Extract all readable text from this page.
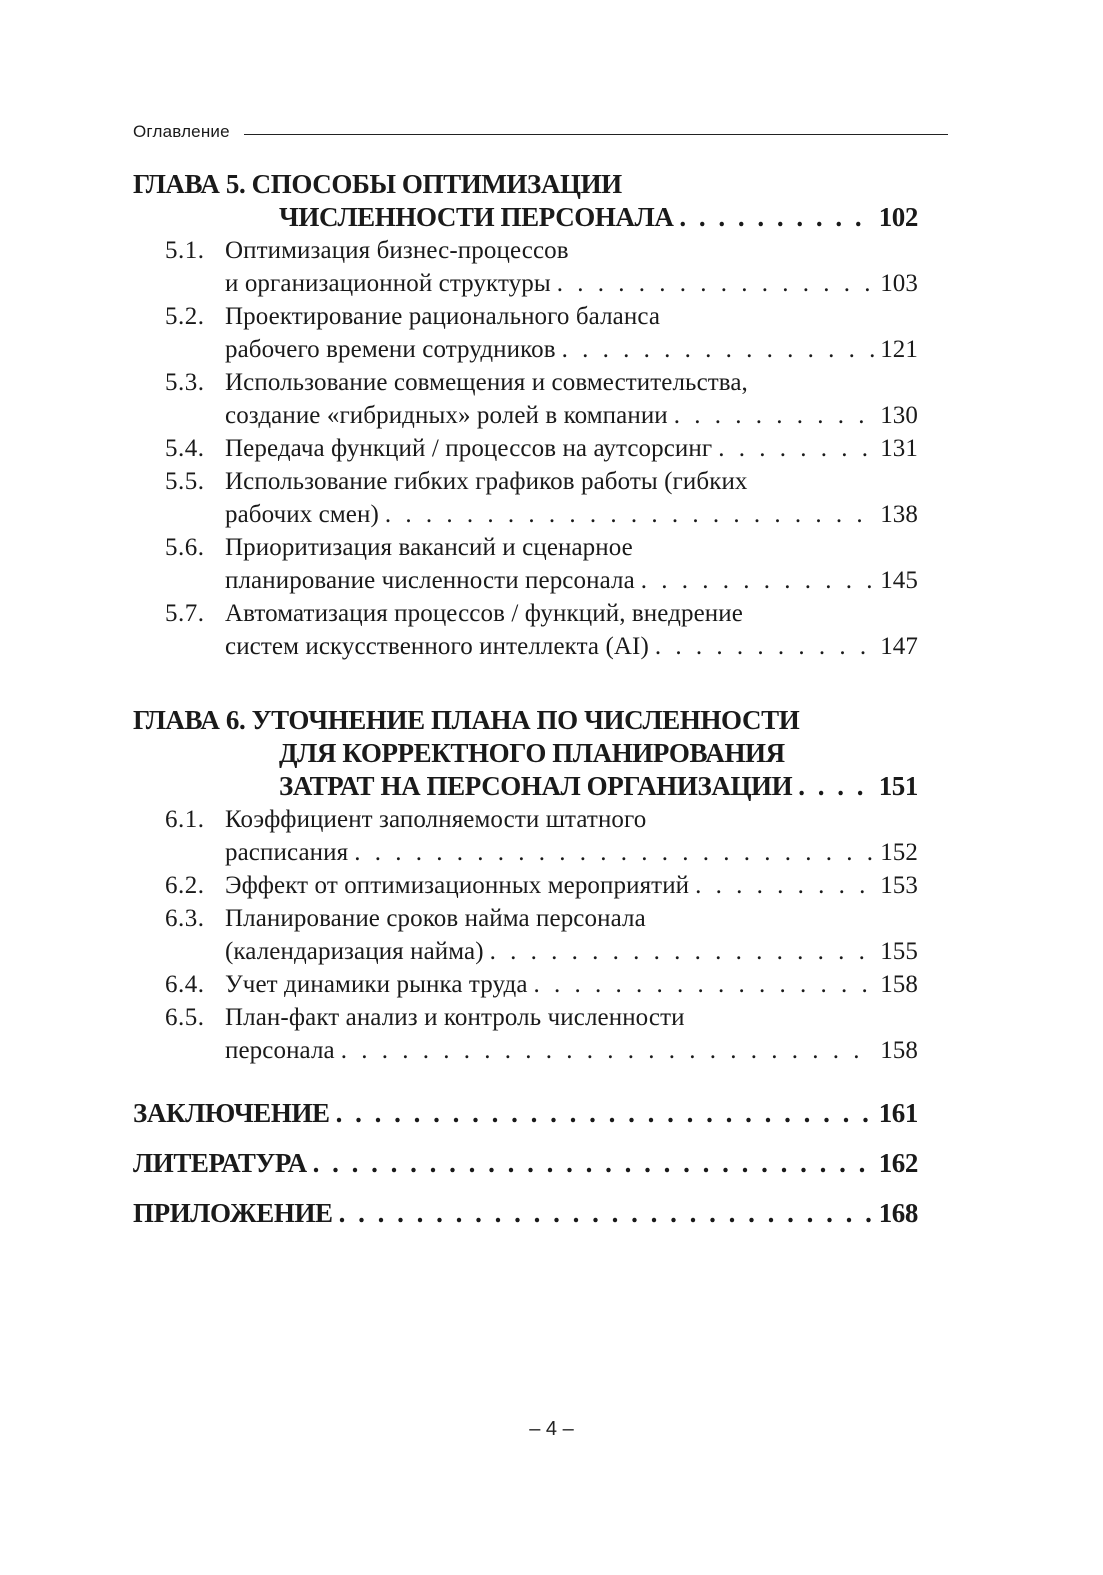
Оглавление
ГЛАВА 5. СПОСОБЫ ОПТИМИЗАЦИИ
ЧИСЛЕННОСТИ ПЕРСОНАЛА . . .	102
5.1. Оптимизация бизнес-процессов
и организационной структуры . . .	103
5.2. Проектирование рационального баланса
рабочего времени сотрудников . . .	121
5.3. Использование совмещения и совместительства,
создание «гибридных» ролей в компании . . .	130
5.4. Передача функций / процессов на аутсорсинг . . .	131
5.5. Использование гибких графиков работы (гибких
рабочих смен) . . .	138
5.6. Приоритизация вакансий и сценарное
планирование численности персонала . . .	145
5.7. Автоматизация процессов / функций, внедрение
систем искусственного интеллекта (AI) . . .	147
ГЛАВА 6. УТОЧНЕНИЕ ПЛАНА ПО ЧИСЛЕННОСТИ
ДЛЯ КОРРЕКТНОГО ПЛАНИРОВАНИЯ
ЗАТРАТ НА ПЕРСОНАЛ ОРГАНИЗАЦИИ . . .	151
6.1. Коэффициент заполняемости штатного
расписания . . .	152
6.2. Эффект от оптимизационных мероприятий . . .	153
6.3. Планирование сроков найма персонала
(календаризация найма) . . .	155
6.4. Учет динамики рынка труда . . .	158
6.5. План-факт анализ и контроль численности
персонала . . .	158
ЗАКЛЮЧЕНИЕ . . .	161
ЛИТЕРАТУРА . . .	162
ПРИЛОЖЕНИЕ . . .	168
– 4 –
